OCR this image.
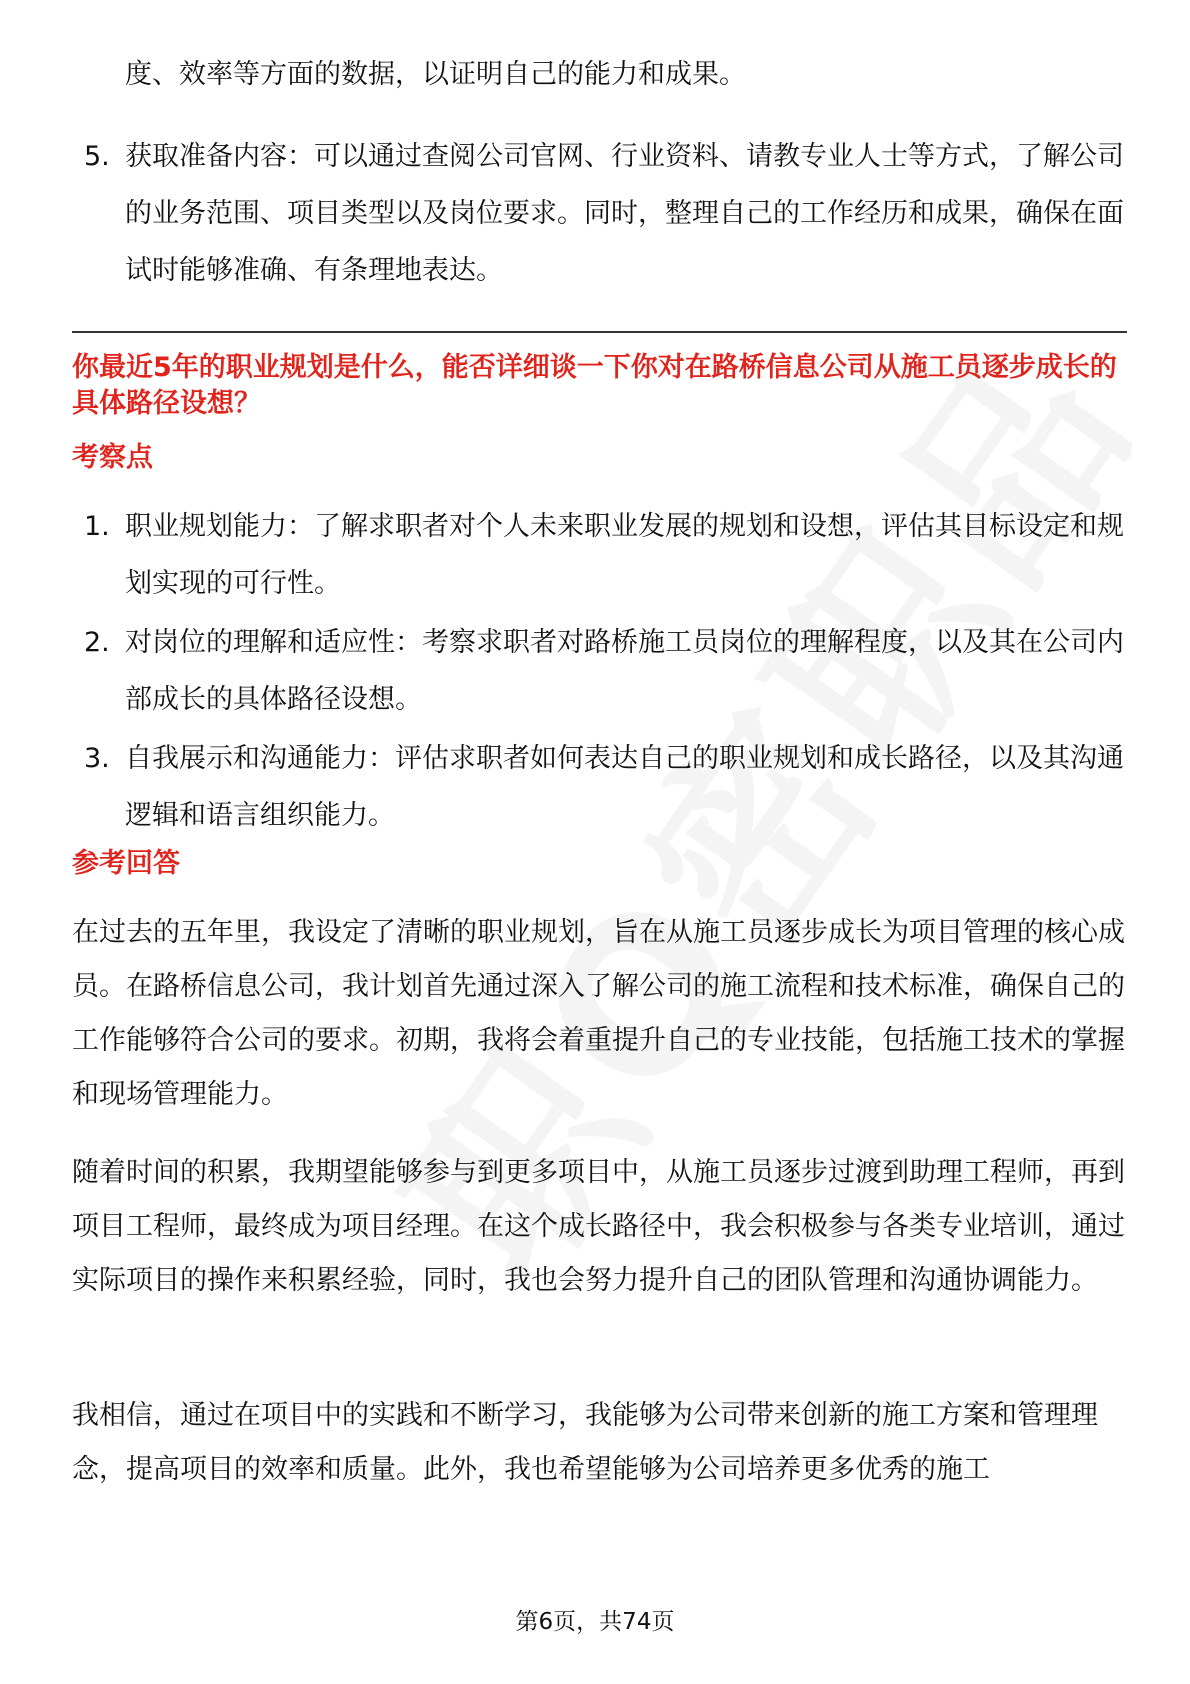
度、效率等方面的数据，以证明自己的能力和成果。
5. 获取准备内容：可以通过查阅公司官网、行业资料、请教专业人士等方式，了解公司的业务范围、项目类型以及岗位要求。同时，整理自己的工作经历和成果，确保在面试时能够准确、有条理地表达。
你最近5年的职业规划是什么，能否详细谈一下你对在路桥信息公司从施工员逐步成长的具体路径设想？
考察点
1. 职业规划能力：了解求职者对个人未来职业发展的规划和设想，评估其目标设定和规划实现的可行性。
2. 对岗位的理解和适应性：考察求职者对路桥施工员岗位的理解程度，以及其在公司内部成长的具体路径设想。
3. 自我展示和沟通能力：评估求职者如何表达自己的职业规划和成长路径，以及其沟通逻辑和语言组织能力。
参考回答
在过去的五年里，我设定了清晰的职业规划，旨在从施工员逐步成长为项目管理的核心成员。在路桥信息公司，我计划首先通过深入了解公司的施工流程和技术标准，确保自己的工作能够符合公司的要求。初期，我将会着重提升自己的专业技能，包括施工技术的掌握和现场管理能力。
随着时间的积累，我期望能够参与到更多项目中，从施工员逐步过渡到助理工程师，再到项目工程师，最终成为项目经理。在这个成长路径中，我会积极参与各类专业培训，通过实际项目的操作来积累经验，同时，我也会努力提升自己的团队管理和沟通协调能力。
我相信，通过在项目中的实践和不断学习，我能够为公司带来创新的施工方案和管理理念，提高项目的效率和质量。此外，我也希望能够为公司培养更多优秀的施工
第6页，共74页
